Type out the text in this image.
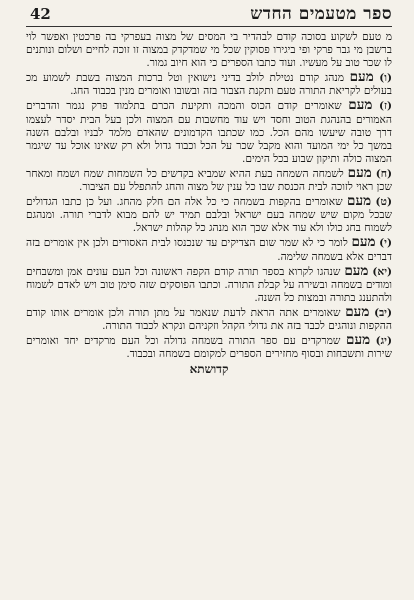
ספר מטעמים החדש
42

מ טעם לשקוע בסוכה קודם לבהדיר בי המסים של מצוה בעפרקי בה פרכטין ואפשר לוי ברשבן מי גבר פרקי ופי ביגירו פסוקין שכל מי שמדקדק במצוה זו זוכה לחיים ושלום ונותנים לו שכר טוב על מעשיו. ועוד כתבו הספרים כי הוא חיוב גמור.

(ו) מעם מנהג קודם נטילת לולב בדיני נישואין וטל ברכות המצוה בשבת לשמוע מכ בעולים לקריאת התורה טעם ותקנת הצבור בזה ובשובו ואומרים מנין בכבוד החג.

(ז) מעם שאומרים קודם הכוס והמכה ותקיעת הכרם בתלמוד פרק נגמר והדברים האמורים בהנהגת הטוב וחסד ויש עוד מחשבות עם המצוה ולכן בעל הבית יסדר לעצמו דרך טובה שיעשו מהם הכל. כמו שכתבו הקדמונים שהאדם מלמד לבניו ובלבם השנה במשך כל ימי המועד והוא מקבל שכר על הכל וכבוד גדול ולא רק שאינו אוכל עד שיגמר המצוה כולה ותיקון שבוע בכל הימים.

(ח) מעם לשמחה השמחה בעת ההיא שמביא בקדשים כל השמחות שמח ושמח ומאחר שכן ראוי לזוכה לבית הכנסת שבו כל ענין של מצוה והחג להתפלל עם הציבור.

(ט) מעם שאומרים בהקפות בשמחה כי כל אלה הם חלק מהחג. ועל כן כתבו הגדולים שבכל מקום שיש שמחה בעם ישראל ובלבם תמיד יש להם מבוא לדברי תורה. ומנהגם לשמוח בחג כולו ולא עוד אלא שכך הוא מנהג כל קהלות ישראל.

(י) מעם לומר כי לא שמר שום הצדיקים עד שנכנסו לבית האסורים ולכן אין אומרים בזה דברים אלא בשמחה שלימה.

(יא) מעם שנהגו לקרוא בספר תורה קודם הקפה ראשונה וכל העם עונים אמן ומשבחים ומודים בשמחה ובשירה על קבלת התורה. וכתבו הפוסקים שזה סימן טוב ויש לאדם לשמוח ולהתענג בתורה ובמצות כל השנה.

(יב) מעם שאומרים אתה הראת לדעת שנאמר על מתן תורה ולכן אומרים אותו קודם ההקפות ונוהגים לכבד בזה את גדולי הקהל וזקניהם ונקרא לכבוד התורה.

(יג) מעם שמרקדים עם ספר התורה בשמחה גדולה וכל העם מרקדים יחד ואומרים שירות ותשבחות ובסוף מחזירים הספרים למקומם בשמחה ובכבוד.

קדושתא
